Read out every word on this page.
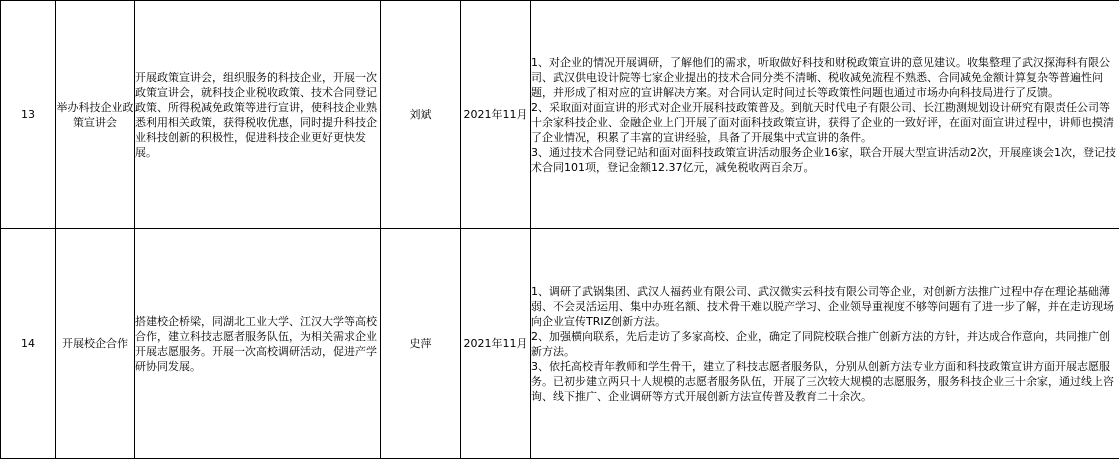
13	举办科技企业政策宣讲会	开展政策宣讲会，组织服务的科技企业，开展一次政策宣讲会，就科技企业税收政策、技术合同登记政策、所得税减免政策等进行宣讲，使科技企业熟悉利用相关政策，获得税收优惠，同时提升科技企业科技创新的积极性，促进科技企业更好更快发展。	刘斌	2021年11月	1、对企业的情况开展调研，了解他们的需求，听取做好科技和财税政策宣讲的意见建议。收集整理了武汉探海科有限公司、武汉供电设计院等七家企业提出的技术合同分类不清晰、税收减免流程不熟悉、合同减免金额计算复杂等普遍性问题，并形成了相对应的宣讲解决方案。对合同认定时间过长等政策性问题也通过市场办向科技局进行了反馈。
2、采取面对面宣讲的形式对企业开展科技政策普及。到航天时代电子有限公司、长江勘测规划设计研究有限责任公司等十余家科技企业、金融企业上门开展了面对面科技政策宣讲，获得了企业的一致好评，在面对面宣讲过程中，讲师也摸清了企业情况，积累了丰富的宣讲经验，具备了开展集中式宣讲的条件。
3、通过技术合同登记站和面对面科技政策宣讲活动服务企业16家，联合开展大型宣讲活动2次，开展座谈会1次，登记技术合同101项，登记金额12.37亿元，减免税收两百余万。

14	开展校企合作	搭建校企桥梁，同湖北工业大学、江汉大学等高校合作，建立科技志愿者服务队伍，为相关需求企业开展志愿服务。开展一次高校调研活动，促进产学研协同发展。	史萍	2021年11月	1、调研了武锅集团、武汉人福药业有限公司、武汉微实云科技有限公司等企业，对创新方法推广过程中存在理论基础薄弱、不会灵活运用、集中办班名额、技术骨干难以脱产学习、企业领导重视度不够等问题有了进一步了解，并在走访现场向企业宣传TRIZ创新方法。
2、加强横向联系，先后走访了多家高校、企业，确定了同院校联合推广创新方法的方针，并达成合作意向，共同推广创新方法。
3、依托高校青年教师和学生骨干，建立了科技志愿者服务队，分别从创新方法专业方面和科技政策宣讲方面开展志愿服务。已初步建立两只十人规模的志愿者服务队伍，开展了三次较大规模的志愿服务，服务科技企业三十余家，通过线上咨询、线下推广、企业调研等方式开展创新方法宣传普及教育二十余次。
